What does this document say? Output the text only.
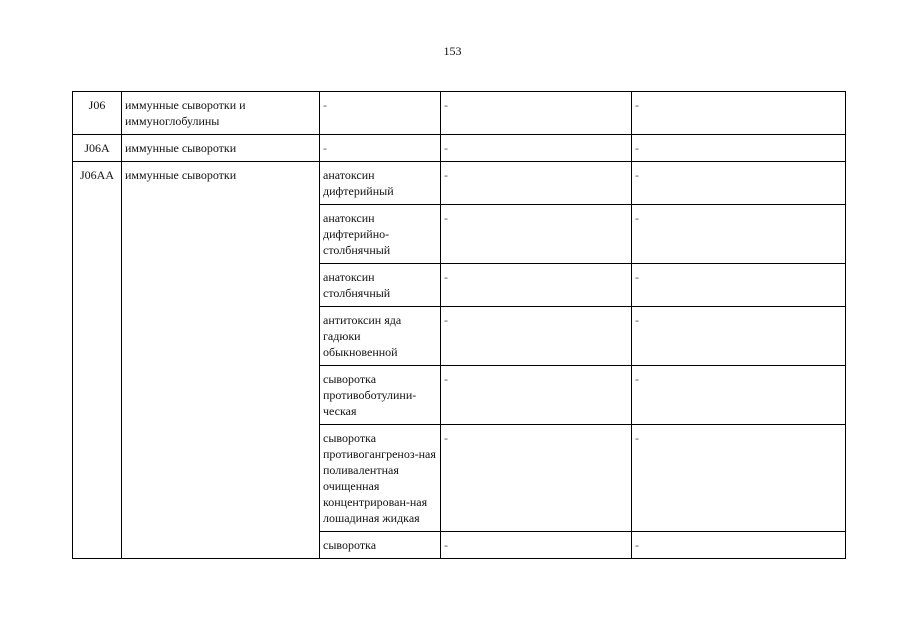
153
J06	иммунные сыворотки и иммуноглобулины	-	-	-
J06A	иммунные сыворотки	-	-	-
J06AA	иммунные сыворотки	анатоксин дифтерийный	-	-
		анатоксин дифтерийно-столбнячный	-	-
		анатоксин столбнячный	-	-
		антитоксин яда гадюки обыкновенной	-	-
		сыворотка противоботулини-ческая	-	-
		сыворотка противогангреноз-ная поливалентная очищенная концентрирован-ная лошадиная жидкая	-	-
		сыворотка	-	-
